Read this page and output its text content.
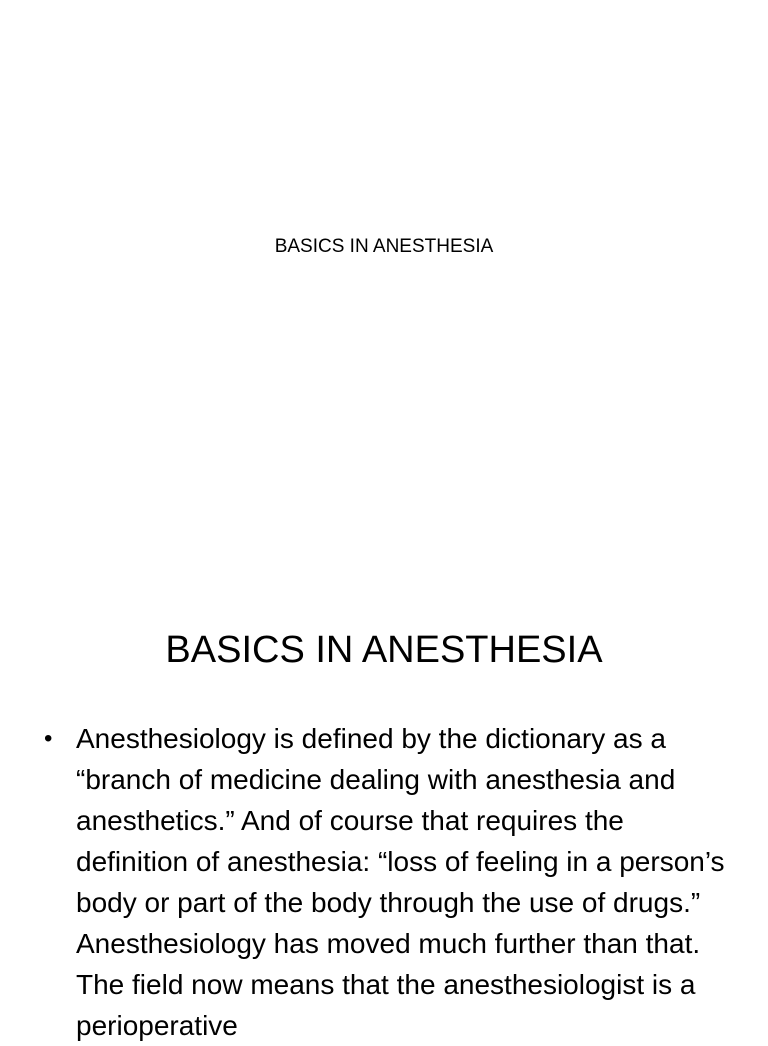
BASICS IN ANESTHESIA
BASICS IN ANESTHESIA
• Anesthesiology is defined by the dictionary as a “branch of medicine dealing with anesthesia and anesthetics.” And of course that requires the definition of anesthesia: “loss of feeling in a person’s body or part of the body through the use of drugs.” Anesthesiology has moved much further than that. The field now means that the anesthesiologist is a perioperative
